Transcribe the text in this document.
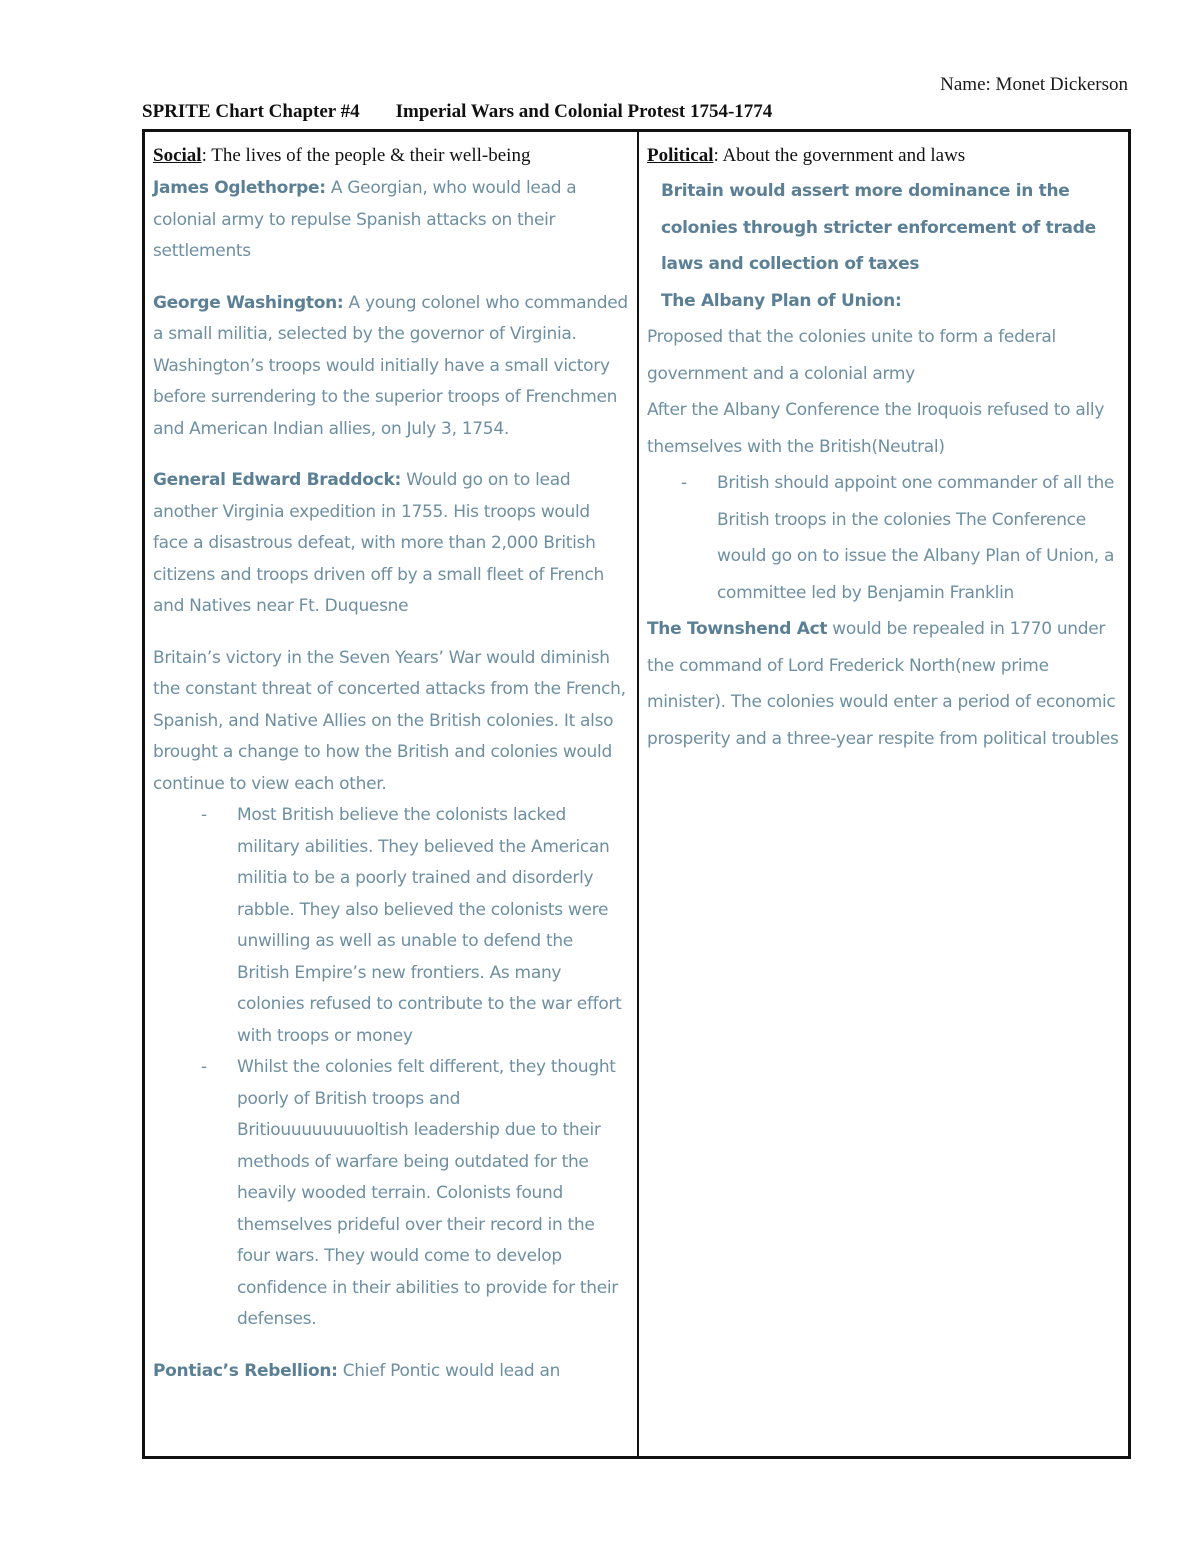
Name: Monet Dickerson
SPRITE Chart Chapter #4 Imperial Wars and Colonial Protest 1754-1774
Social: The lives of the people & their well-being

James Oglethorpe: A Georgian, who would lead a colonial army to repulse Spanish attacks on their settlements

George Washington: A young colonel who commanded a small militia, selected by the governor of Virginia. Washington’s troops would initially have a small victory before surrendering to the superior troops of Frenchmen and American Indian allies, on July 3, 1754.

General Edward Braddock: Would go on to lead another Virginia expedition in 1755. His troops would face a disastrous defeat, with more than 2,000 British citizens and troops driven off by a small fleet of French and Natives near Ft. Duquesne

Britain’s victory in the Seven Years’ War would diminish the constant threat of concerted attacks from the French, Spanish, and Native Allies on the British colonies. It also brought a change to how the British and colonies would continue to view each other.

-	Most British believe the colonists lacked military abilities. They believed the American militia to be a poorly trained and disorderly rabble. They also believed the colonists were unwilling as well as unable to defend the British Empire’s new frontiers. As many colonies refused to contribute to the war effort with troops or money
-	Whilst the colonies felt different, they thought poorly of British troops and Britiouuuuuuuuoltish leadership due to their methods of warfare being outdated for the heavily wooded terrain. Colonists found themselves prideful over their record in the four wars. They would come to develop confidence in their abilities to provide for their defenses.

Pontiac’s Rebellion: Chief Pontic would lead an

Political: About the government and laws

Britain would assert more dominance in the colonies through stricter enforcement of trade laws and collection of taxes

The Albany Plan of Union:

Proposed that the colonies unite to form a federal government and a colonial army

After the Albany Conference the Iroquois refused to ally themselves with the British(Neutral)

-	British should appoint one commander of all the British troops in the colonies The Conference would go on to issue the Albany Plan of Union, a committee led by Benjamin Franklin

The Townshend Act would be repealed in 1770 under the command of Lord Frederick North(new prime minister). The colonies would enter a period of economic prosperity and a three-year respite from political troubles
